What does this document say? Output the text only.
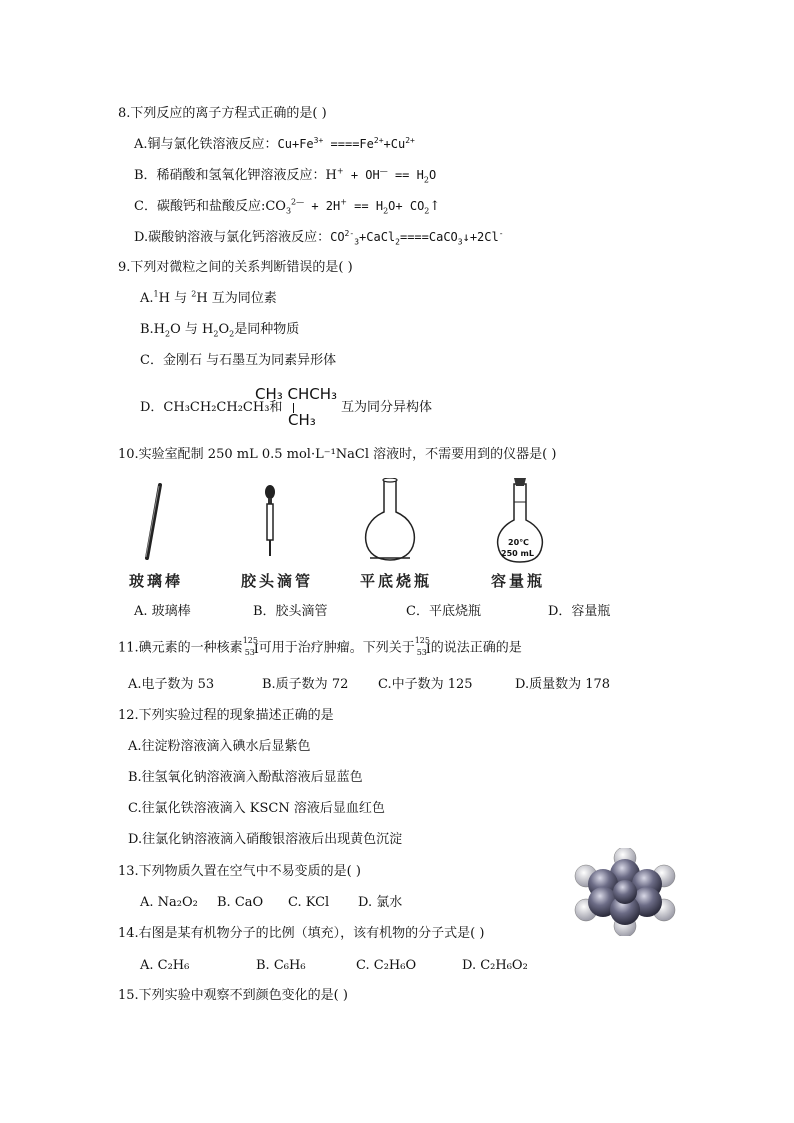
8.下列反应的离子方程式正确的是( )
A.铜与氯化铁溶液反应：$Cu+Fe^{3+} ====Fe^{2+}+Cu^{2+}$
B．稀硝酸和氢氧化钾溶液反应：$H^+ + OH^— == H_2O$
C．碳酸钙和盐酸反应$:CO_3^{2—} + 2H^+ == H_2O+$ $CO_2↑$
D.碳酸钠溶液与氯化钙溶液反应：$CO^{2-}_3+CaCl_2====CaCO_3↓+2Cl^-$
9.下列对微粒之间的关系判断错误的是( )
A.$^1$H 与 $^2$H 互为同位素
$B.H_2O$ 与 $H_2O_2$是同种物质
C．金刚石 与石墨互为同素异形体
D．CH₃CH₂CH₂CH₃和
CH₃ CHCH₃
CH₃
互为同分异构体
10.实验室配制 250 mL 0.5 mol·L⁻¹NaCl 溶液时，不需要用到的仪器是( )
20℃
250 mL
玻璃棒	胶头滴管	平底烧瓶	容量瓶
A. 玻璃棒	B．胶头滴管	C．平底烧瓶	D．容量瓶
11.碘元素的一种核素 125
53
I 可用于治疗肿瘤。下列关于 125
53
I 的说法正确的是
A.电子数为 53	B.质子数为 72 C.中子数为 125	D.质量数为 178
12.下列实验过程的现象描述正确的是
A.往淀粉溶液滴入碘水后显紫色
B.往氢氧化钠溶液滴入酚酞溶液后显蓝色
C.往氯化铁溶液滴入 KSCN 溶液后显血红色
D.往氯化钠溶液滴入硝酸银溶液后出现黄色沉淀
13.下列物质久置在空气中不易变质的是( )
A. Na₂O₂ B. CaO C. KCl D. 氯水
14.右图是某有机物分子的比例（填充），该有机物的分子式是( )
A. C₂H₆	B. C₆H₆	C. C₂H₆O	D. C₂H₆O₂
15.下列实验中观察不到颜色变化的是( )
